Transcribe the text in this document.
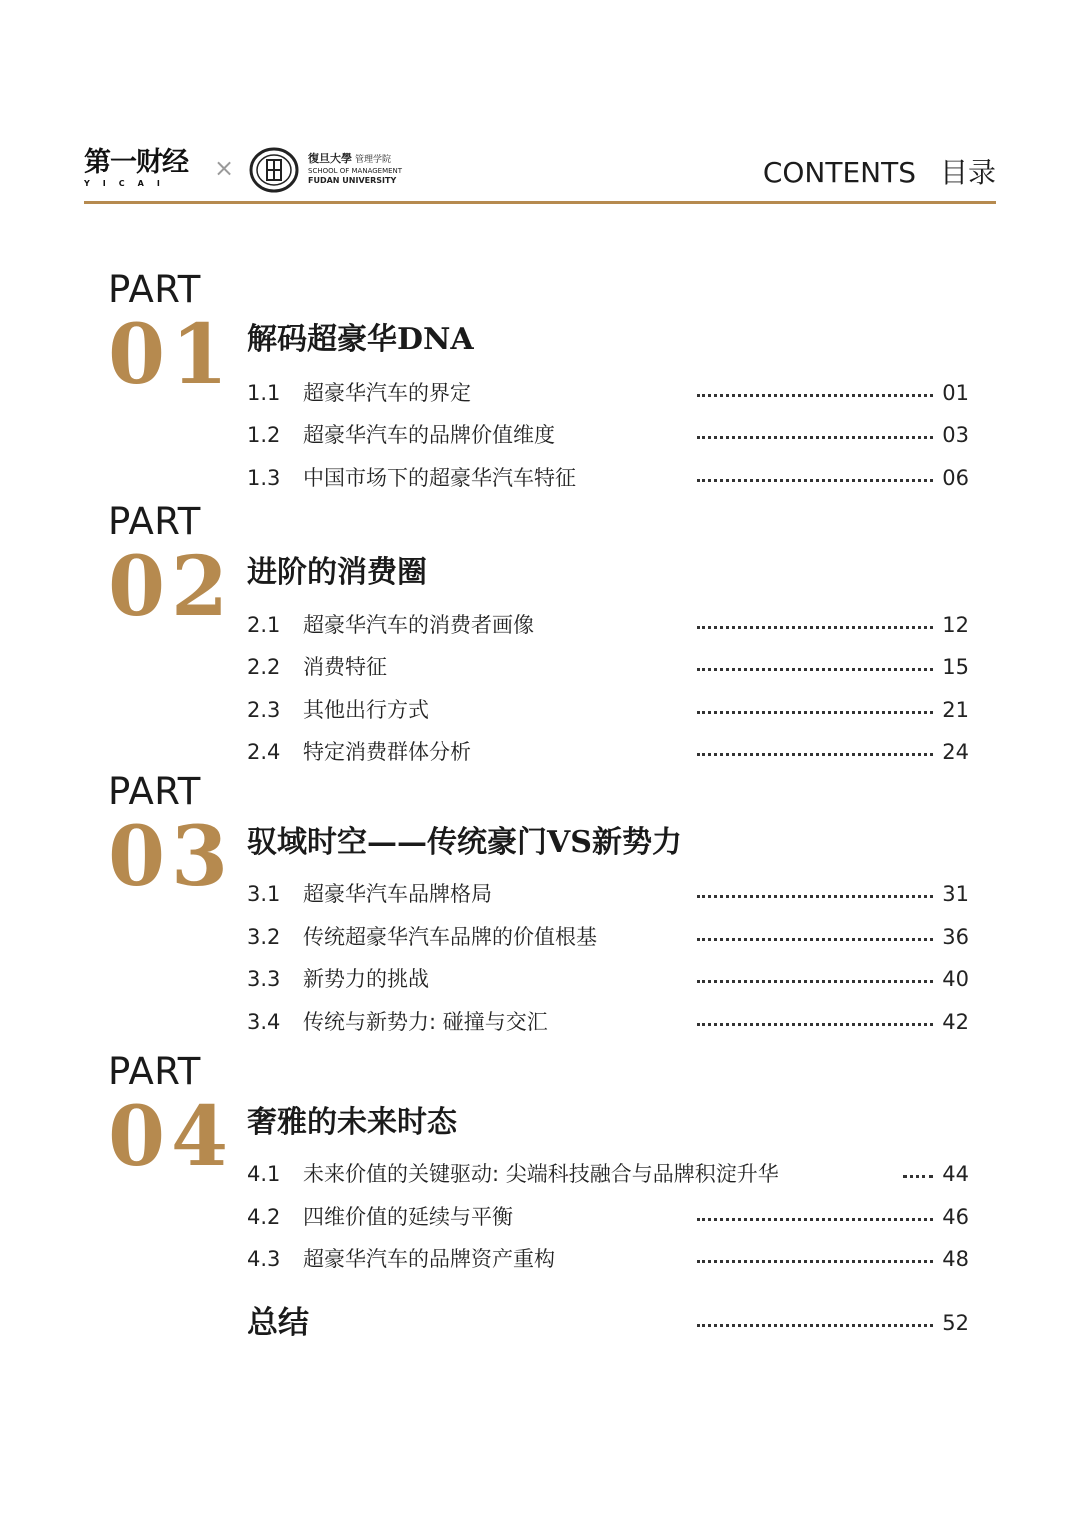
第一财经
YICAI
×	復旦大學 管理学院
SCHOOL OF MANAGEMENT
FUDAN UNIVERSITY	CONTENTS 目录
PART
01 解码超豪华DNA
1.1 超豪华汽车的界定	01
1.2 超豪华汽车的品牌价值维度	03
1.3 中国市场下的超豪华汽车特征	06
PART
02 进阶的消费圈
2.1 超豪华汽车的消费者画像	12
2.2 消费特征	15
2.3 其他出行方式	21
2.4 特定消费群体分析	24
PART
03 驭域时空——传统豪门VS新势力
3.1 超豪华汽车品牌格局	31
3.2 传统超豪华汽车品牌的价值根基	36
3.3 新势力的挑战	40
3.4 传统与新势力: 碰撞与交汇	42
PART
04 奢雅的未来时态
4.1 未来价值的关键驱动: 尖端科技融合与品牌积淀升华	44
4.2 四维价值的延续与平衡	46
4.3 超豪华汽车的品牌资产重构	48
总结	52
